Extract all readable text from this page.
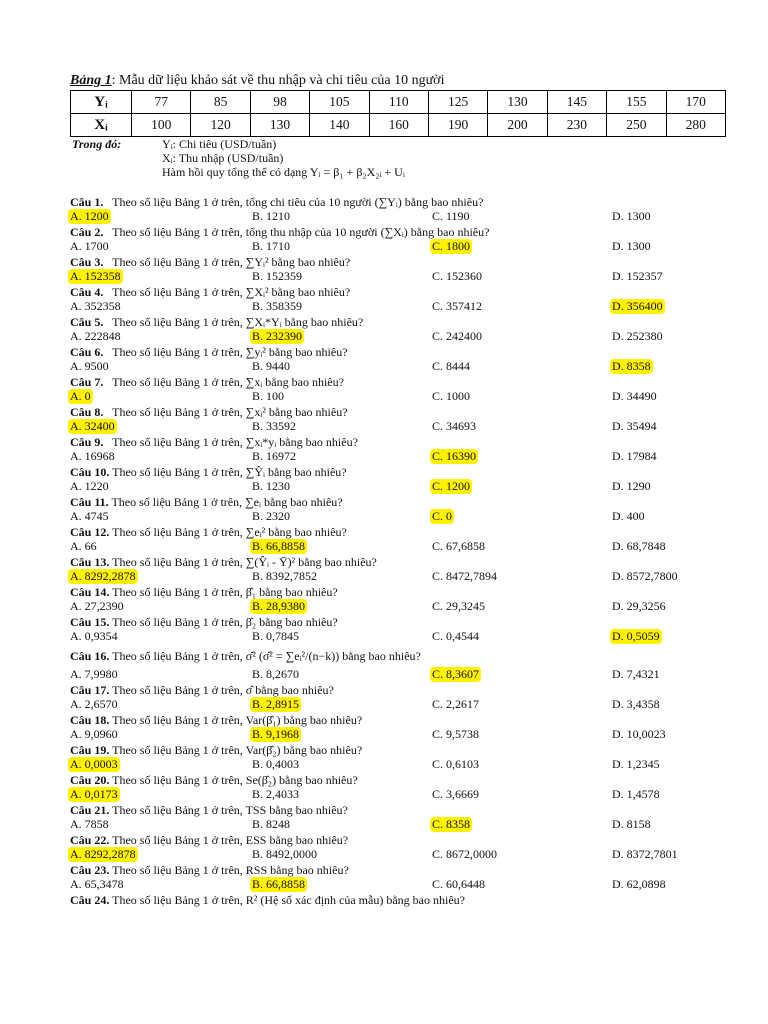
Bảng 1: Mẫu dữ liệu khảo sát về thu nhập và chi tiêu của 10 người
Yᵢ	77	85	98	105	110	125	130	145	155	170
Xᵢ	100	120	130	140	160	190	200	230	250	280
Trong đó:	Yᵢ: Chi tiêu (USD/tuần)
Xᵢ: Thu nhập (USD/tuần)
Hàm hồi quy tổng thể có dạng Yᵢ = β₁ + β₂X₂ᵢ + Uᵢ
Câu 1.   Theo số liệu Bảng 1 ở trên, tổng chi tiêu của 10 người (∑Yᵢ) bằng bao nhiêu?
A. 1200	B. 1210	C. 1190	D. 1300
Câu 2.   Theo số liệu Bảng 1 ở trên, tổng thu nhập của 10 người (∑Xᵢ) bằng bao nhiêu?
A. 1700	B. 1710	C. 1800	D. 1300
Câu 3.   Theo số liệu Bảng 1 ở trên, ∑Yᵢ² bằng bao nhiêu?
A. 152358	B. 152359	C. 152360	D. 152357
Câu 4.   Theo số liệu Bảng 1 ở trên, ∑Xᵢ² bằng bao nhiêu?
A. 352358	B. 358359	C. 357412	D. 356400
Câu 5.   Theo số liệu Bảng 1 ở trên, ∑Xᵢ*Yᵢ bằng bao nhiêu?
A. 222848	B. 232390	C. 242400	D. 252380
Câu 6.   Theo số liệu Bảng 1 ở trên, ∑yᵢ² bằng bao nhiêu?
A. 9500	B. 9440	C. 8444	D. 8358
Câu 7.   Theo số liệu Bảng 1 ở trên, ∑xᵢ bằng bao nhiêu?
A. 0	B. 100	C. 1000	D. 34490
Câu 8.   Theo số liệu Bảng 1 ở trên, ∑xᵢ² bằng bao nhiêu?
A. 32400	B. 33592	C. 34693	D. 35494
Câu 9.   Theo số liệu Bảng 1 ở trên, ∑xᵢ*yᵢ bằng bao nhiêu?
A. 16968	B. 16972	C. 16390	D. 17984
Câu 10. Theo số liệu Bảng 1 ở trên, ∑Ŷᵢ bằng bao nhiêu?
A. 1220	B. 1230	C. 1200	D. 1290
Câu 11. Theo số liệu Bảng 1 ở trên, ∑eᵢ bằng bao nhiêu?
A. 4745	B. 2320	C. 0	D. 400
Câu 12. Theo số liệu Bảng 1 ở trên, ∑eᵢ² bằng bao nhiêu?
A. 66	B. 66,8858	C. 67,6858	D. 68,7848
Câu 13. Theo số liệu Bảng 1 ở trên, ∑(Ŷᵢ - Ȳ)² bằng bao nhiêu?
A. 8292,2878	B. 8392,7852	C. 8472,7894	D. 8572,7800
Câu 14. Theo số liệu Bảng 1 ở trên, β̂₁ bằng bao nhiêu?
A. 27,2390	B. 28,9380	C. 29,3245	D. 29,3256
Câu 15. Theo số liệu Bảng 1 ở trên, β̂₂ bằng bao nhiêu?
A. 0,9354	B. 0,7845	C. 0,4544	D. 0,5059
Câu 16. Theo số liệu Bảng 1 ở trên, σ̂² (σ̂² = ∑eᵢ²/(n−k)) bằng bao nhiêu?
A. 7,9980	B. 8,2670	C. 8,3607	D. 7,4321
Câu 17. Theo số liệu Bảng 1 ở trên, σ̂ bằng bao nhiêu?
A. 2,6570	B. 2,8915	C. 2,2617	D. 3,4358
Câu 18. Theo số liệu Bảng 1 ở trên, Var(β̂₁) bằng bao nhiêu?
A. 9,0960	B. 9,1968	C. 9,5738	D. 10,0023
Câu 19. Theo số liệu Bảng 1 ở trên, Var(β̂₂) bằng bao nhiêu?
A. 0,0003	B. 0,4003	C. 0,6103	D. 1,2345
Câu 20. Theo số liệu Bảng 1 ở trên, Se(β̂₂) bằng bao nhiêu?
A. 0,0173	B. 2,4033	C. 3,6669	D. 1,4578
Câu 21. Theo số liệu Bảng 1 ở trên, TSS bằng bao nhiêu?
A. 7858	B. 8248	C. 8358	D. 8158
Câu 22. Theo số liệu Bảng 1 ở trên, ESS bằng bao nhiêu?
A. 8292,2878	B. 8492,0000	C. 8672,0000	D. 8372,7801
Câu 23. Theo số liệu Bảng 1 ở trên, RSS bằng bao nhiêu?
A. 65,3478	B. 66,8858	C. 60,6448	D. 62,0898
Câu 24. Theo số liệu Bảng 1 ở trên, R² (Hệ số xác định của mẫu) bằng bao nhiêu?
